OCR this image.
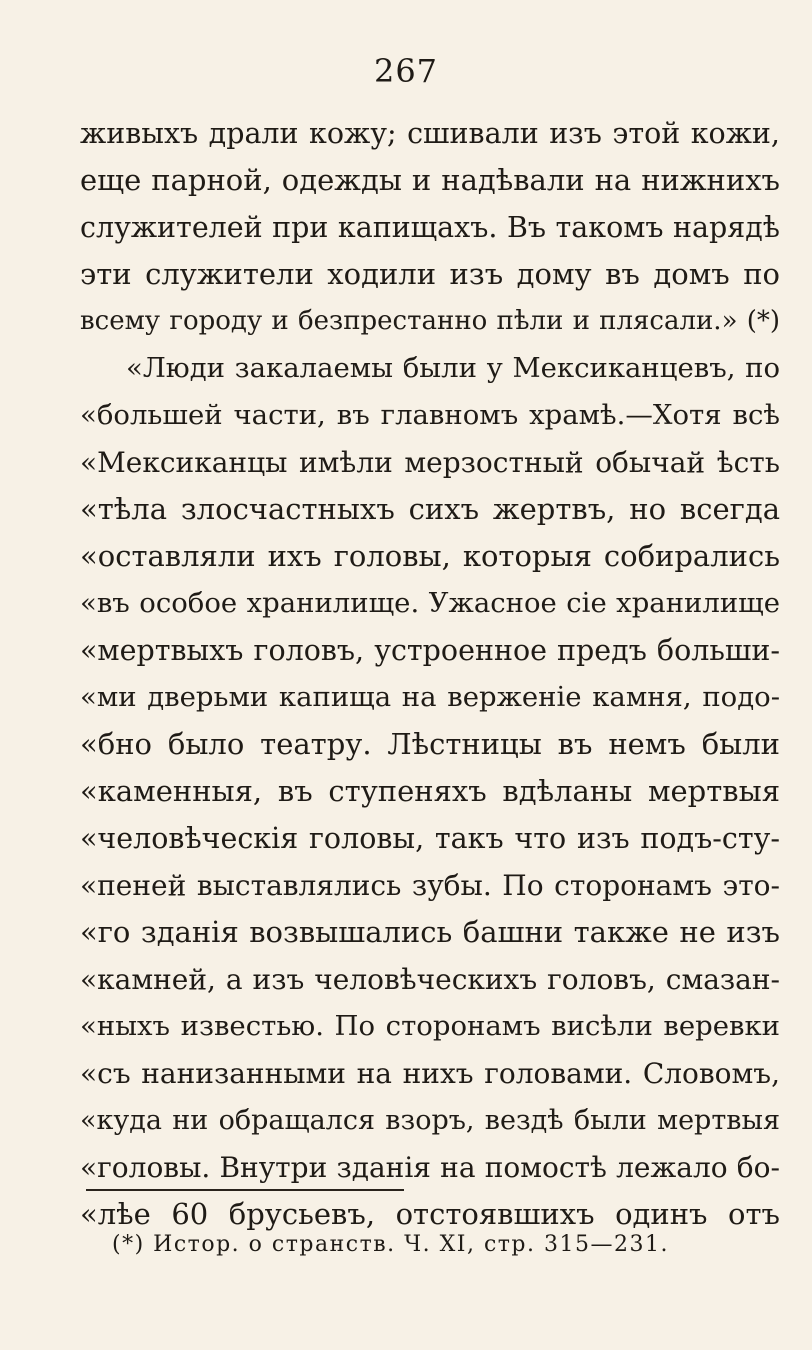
267
живыхъ драли кожу; сшивали изъ этой кожи,
еще парной, одежды и надѣвали на нижнихъ
служителей при капищахъ. Въ такомъ нарядѣ
эти служители ходили изъ дому въ домъ по
всему городу и безпрестанно пѣли и плясали.» (*)
«Люди закалаемы были у Мексиканцевъ, по
«большей части, въ главномъ храмѣ.—Хотя всѣ
«Мексиканцы имѣли мерзостный обычай ѣсть
«тѣла злосчастныхъ сихъ жертвъ, но всегда
«оставляли ихъ головы, которыя собирались
«въ особое хранилище. Ужасное сіе хранилище
«мертвыхъ головъ, устроенное предъ больши-
«ми дверьми капища на верженіе камня, подо-
«бно было театру. Лѣстницы въ немъ были
«каменныя, въ ступеняхъ вдѣланы мертвыя
«человѣческія головы, такъ что изъ подъ-сту-
«пеней выставлялись зубы. По сторонамъ это-
«го зданія возвышались башни также не изъ
«камней, а изъ человѣческихъ головъ, смазан-
«ныхъ известью. По сторонамъ висѣли веревки
«съ нанизанными на нихъ головами. Словомъ,
«куда ни обращался взоръ, вездѣ были мертвыя
«головы. Внутри зданія на помостѣ лежало бо-
«лѣе 60 брусьевъ, отстоявшихъ одинъ отъ
(*) Истор. о странств. Ч. XI, стр. 315—231.
